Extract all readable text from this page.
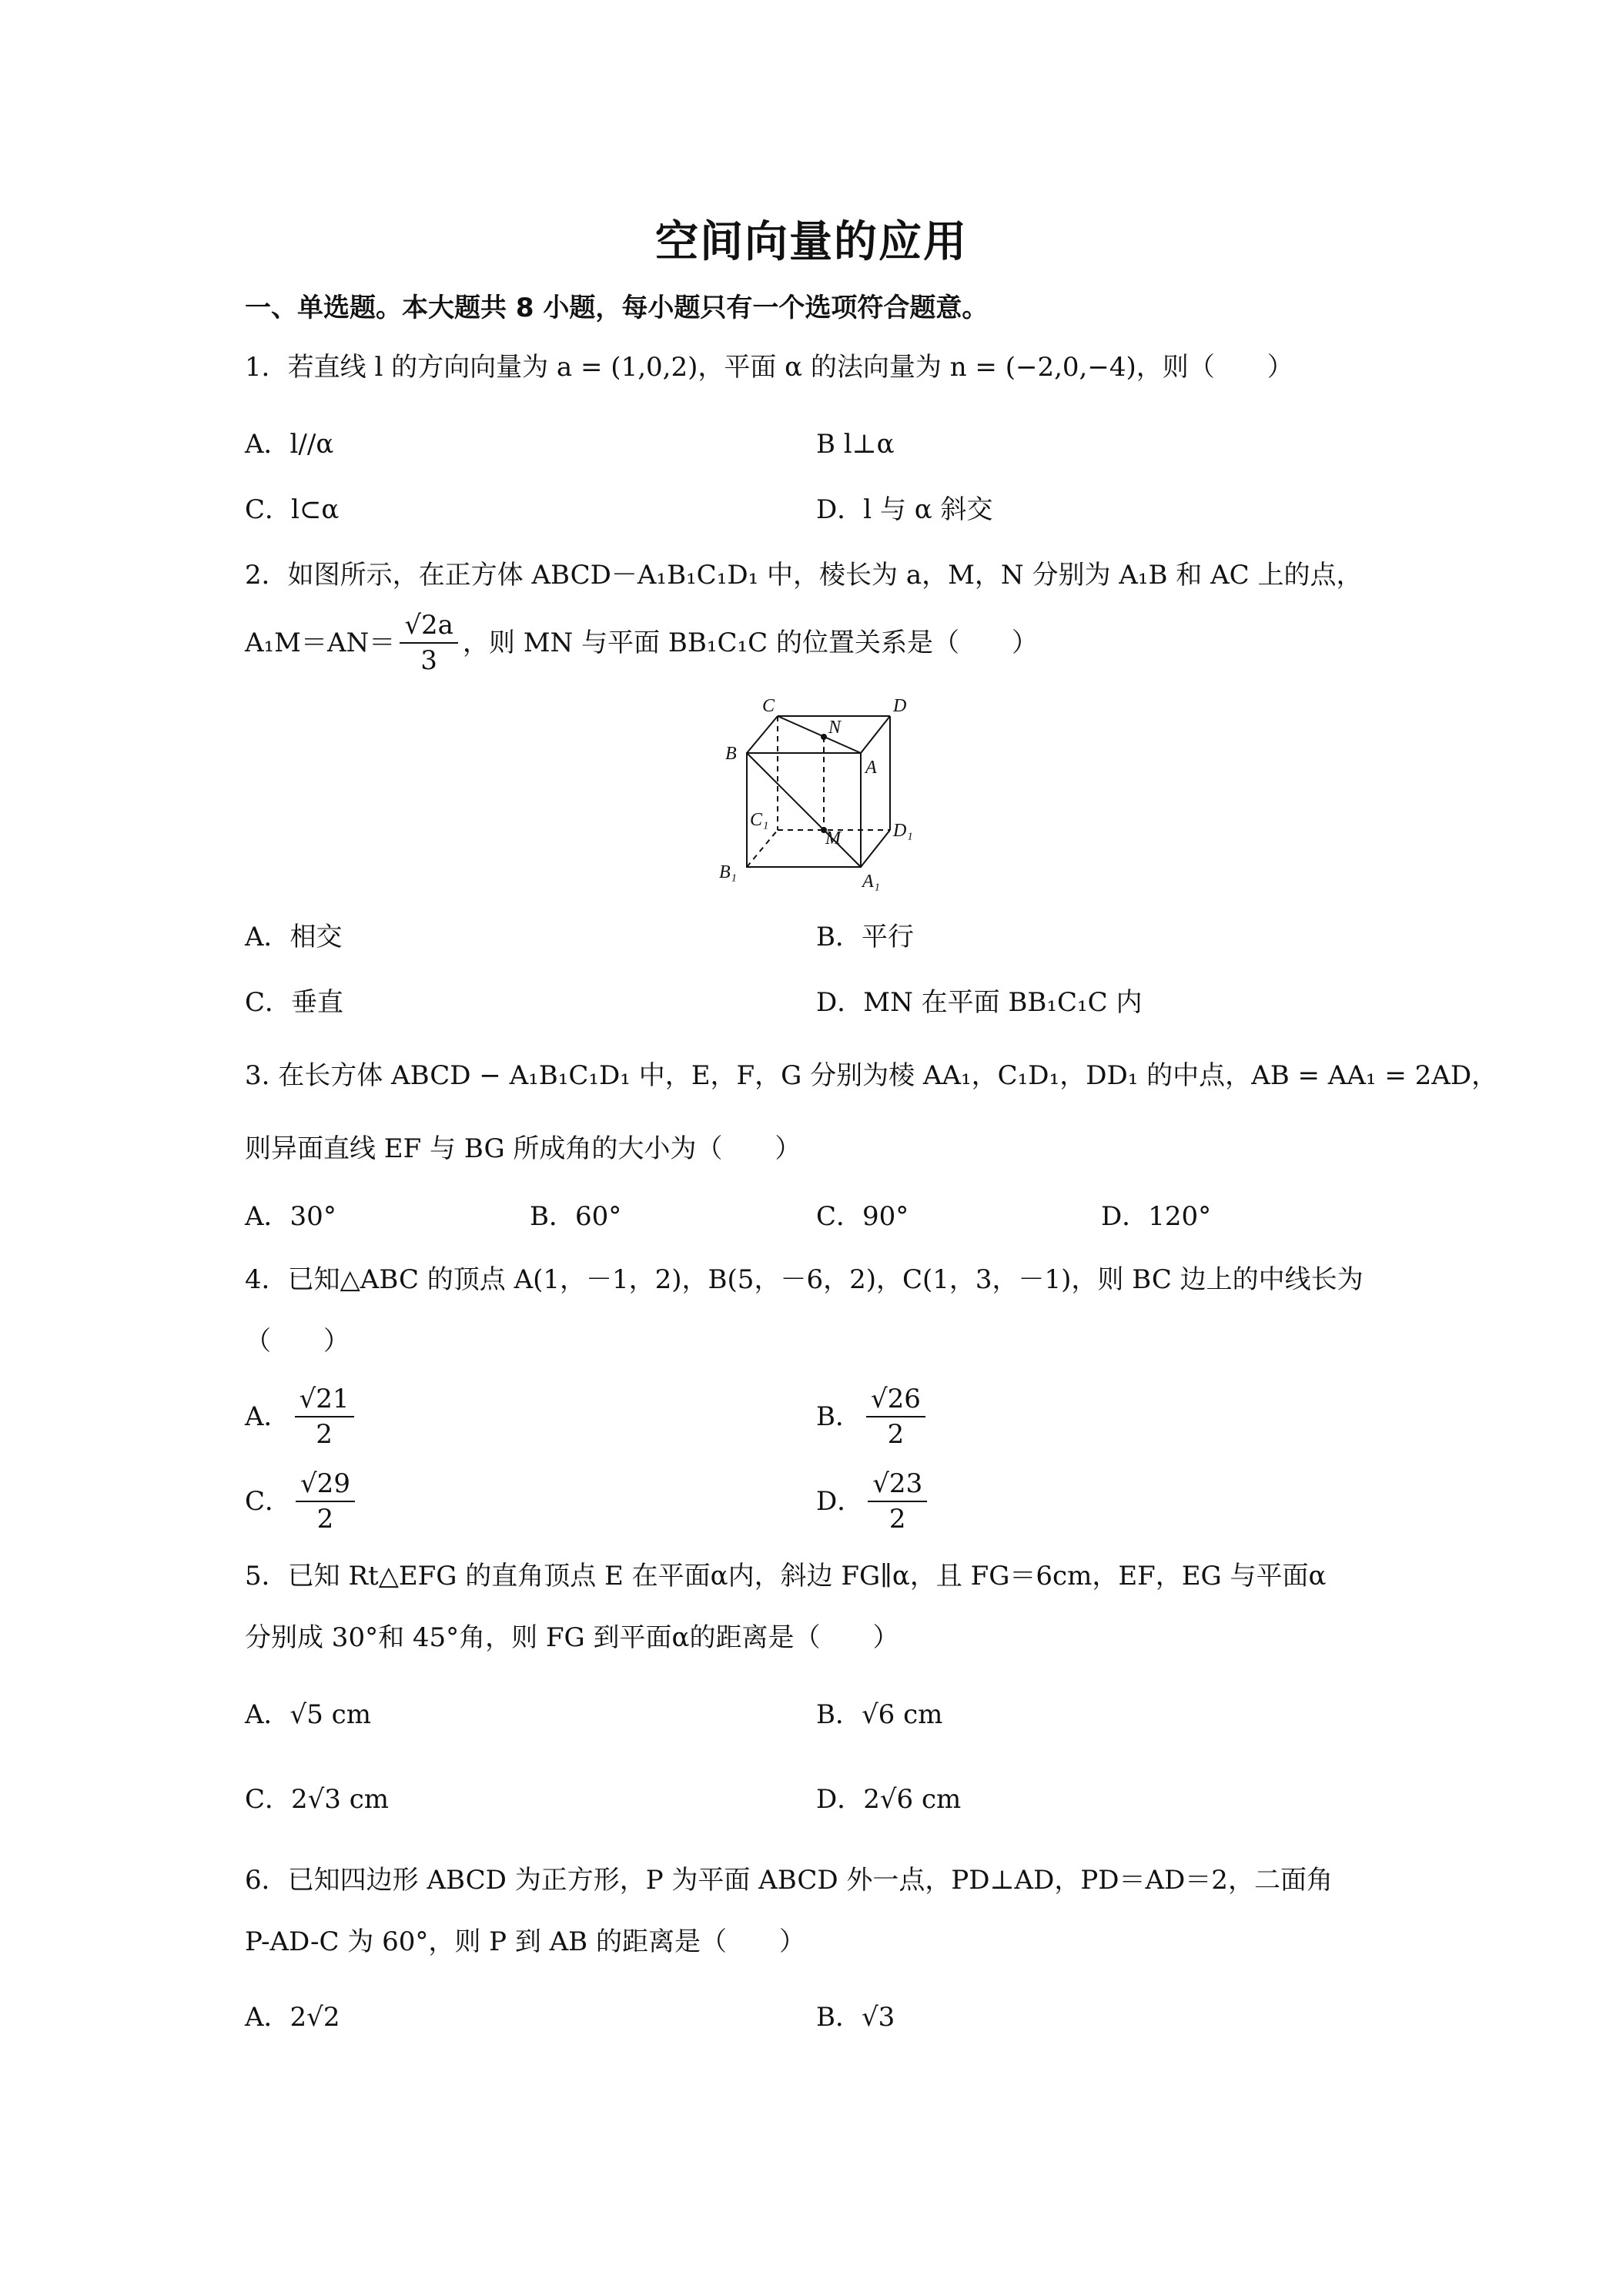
空间向量的应用
一、单选题。本大题共 8 小题，每小题只有一个选项符合题意。
1．若直线 l 的方向向量为 a = (1,0,2)，平面 α 的法向量为 n = (−2,0,−4)，则（　　）
A．l//α	B l⊥α
C．l⊂α	D．l 与 α 斜交
2．如图所示，在正方体 ABCD－A₁B₁C₁D₁ 中，棱长为 a，M，N 分别为 A₁B 和 AC 上的点，
$A_1M=AN= \frac{√2a}{3}$ ，则 MN 与平面 BB₁C₁C 的位置关系是（　　）
C	D
N
B
A
C₁
M	D₁
B₁	A₁
A．相交	B．平行
C．垂直	D．MN 在平面 BB₁C₁C 内
3. 在长方体 ABCD − A₁B₁C₁D₁ 中，E，F，G 分别为棱 AA₁，C₁D₁，DD₁ 的中点，AB = AA₁ = 2AD，
则异面直线 EF 与 BG 所成角的大小为（　　）
A．30°	B．60°	C．90°	D．120°
4．已知△ABC 的顶点 A(1，－1，2)，B(5，－6，2)，C(1，3，－1)，则 BC 边上的中线长为
（　　）
A． $\frac{√21}{2}$	B． $\frac{√26}{2}$
C． $\frac{√29}{2}$	D． $\frac{√23}{2}$
5．已知 Rt△EFG 的直角顶点 E 在平面α内，斜边 FG∥α，且 FG＝6cm，EF，EG 与平面α
分别成 30°和 45°角，则 FG 到平面α的距离是（　　）
A．√5 cm	B．√6 cm
C．2√3 cm	D．2√6 cm
6．已知四边形 ABCD 为正方形，P 为平面 ABCD 外一点，PD⊥AD，PD＝AD＝2，二面角
P-AD-C 为 60°，则 P 到 AB 的距离是（　　）
A．2√2	B．√3
